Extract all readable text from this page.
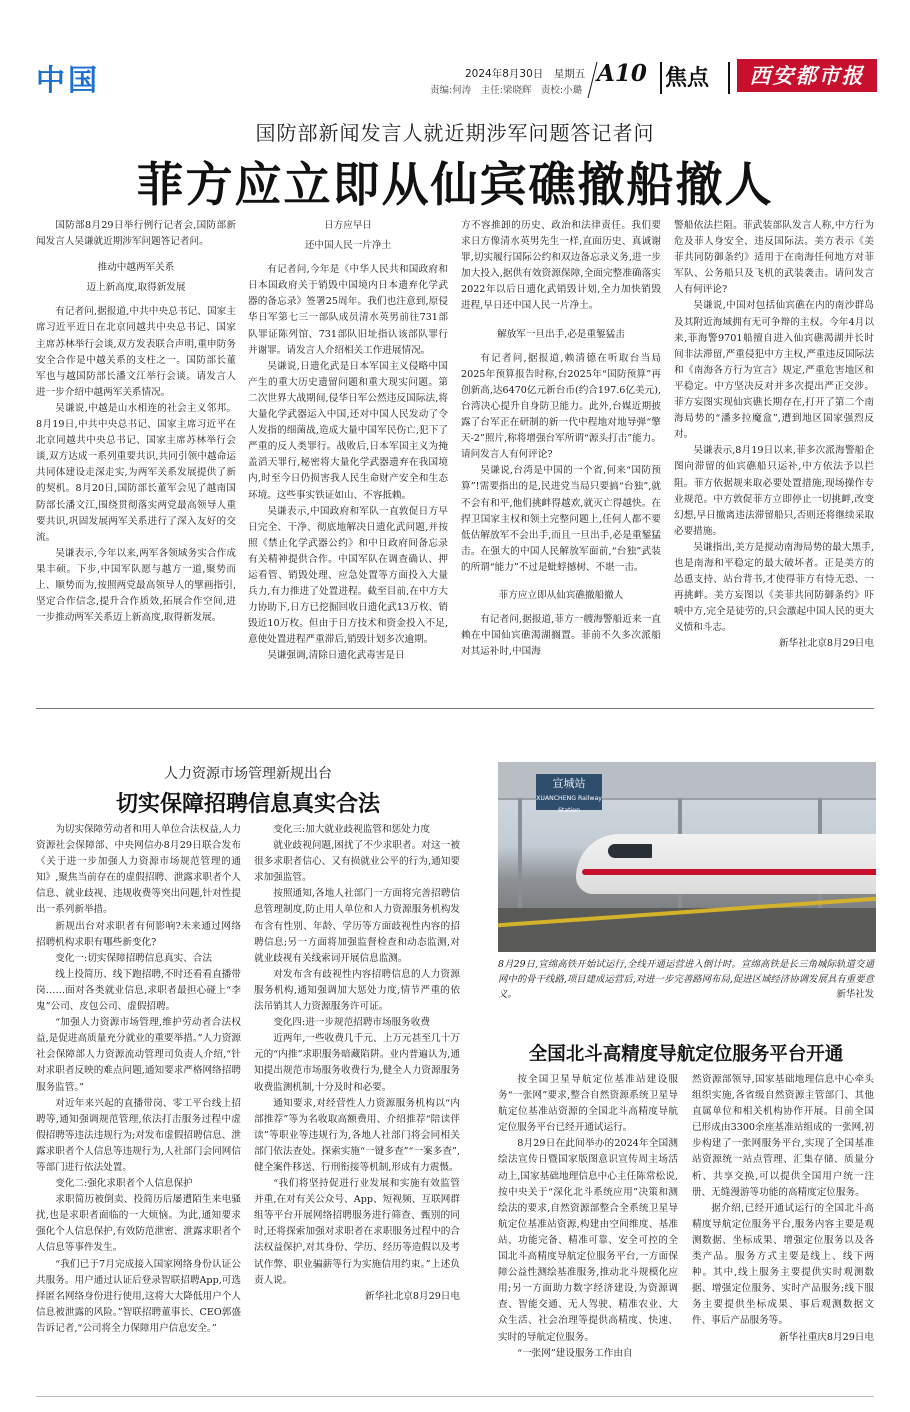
中国	2024年8月30日　星期五
责编:何涛　主任:梁晓辉　责校:小璐
A10 焦点	西安都市报
国防部新闻发言人就近期涉军问题答记者问
菲方应立即从仙宾礁撤船撤人

国防部8月29日举行例行记者会,国防部新闻发言人吴谦就近期涉军问题答记者问。

推动中越两军关系
迈上新高度,取得新发展

有记者问,据报道,中共中央总书记、国家主席习近平近日在北京同越共中央总书记、国家主席苏林举行会谈,双方发表联合声明,重申防务安全合作是中越关系的支柱之一。国防部长董军也与越国防部长潘文江举行会谈。请发言人进一步介绍中越两军关系情况。

吴谦说,中越是山水相连的社会主义邻邦。8月19日,中共中央总书记、国家主席习近平在北京同越共中央总书记、国家主席苏林举行会谈,双方达成一系列重要共识,共同引领中越命运共同体建设走深走实,为两军关系发展提供了新的契机。8月20日,国防部长董军会见了越南国防部长潘文江,围绕贯彻落实两党最高领导人重要共识,巩固发展两军关系进行了深入友好的交流。

吴谦表示,今年以来,两军各领域务实合作成果丰硕。下步,中国军队愿与越方一道,聚势而上、顺势而为,按照两党最高领导人的擘画指引,坚定合作信念,提升合作质效,拓展合作空间,进一步推动两军关系迈上新高度,取得新发展。

日方应早日
还中国人民一片净土

有记者问,今年是《中华人民共和国政府和日本国政府关于销毁中国境内日本遗弃化学武器的备忘录》签署25周年。我们也注意到,原侵华日军第七三一部队成员清水英男前往731部队罪证陈列馆、731部队旧址指认该部队罪行并谢罪。请发言人介绍相关工作进展情况。

吴谦说,日遗化武是日本军国主义侵略中国产生的重大历史遗留问题和重大现实问题。第二次世界大战期间,侵华日军公然违反国际法,将大量化学武器运入中国,还对中国人民发动了令人发指的细菌战,造成大量中国军民伤亡,犯下了严重的反人类罪行。战败后,日本军国主义为掩盖滔天罪行,秘密将大量化学武器遗弃在我国境内,时至今日仍损害我人民生命财产安全和生态环境。这些事实铁证如山、不容抵赖。

吴谦表示,中国政府和军队一直敦促日方早日完全、干净、彻底地解决日遗化武问题,并按照《禁止化学武器公约》和中日政府间备忘录有关精神提供合作。中国军队在调查确认、押运看管、销毁处理、应急处置等方面投入大量兵力,有力推进了处置进程。截至目前,在中方大力协助下,日方已挖掘回收日遗化武13万枚、销毁近10万枚。但由于日方技术和资金投入不足,意使处置进程严重滞后,销毁计划多次逾期。

吴谦强调,清除日遗化武毒害是日

方不容推卸的历史、政治和法律责任。我们要求日方像清水英男先生一样,直面历史、真诚谢罪,切实履行国际公约和双边备忘录义务,进一步加大投入,据供有效资源保障,全面完整准确落实2022年以后日遗化武销毁计划,全力加快销毁进程,早日还中国人民一片净土。

解放军一旦出手,必是重錾猛击

有记者问,据报道,赖清德在听取台当局2025年预算报告时称,台2025年“国防预算”再创新高,达6470亿元新台币(约合197.6亿美元),台湾决心提升自身防卫能力。此外,台媒近期披露了台军正在研制的新一代中程地对地导弹“擎天-2”照片,称将增强台军所谓“源头打击”能力。请问发言人有何评论?

吴谦说,台湾是中国的一个省,何来“国防预算”!需要指出的是,民进党当局只要搞“台独”,就不会有和平,他们挑衅得越欢,就灭亡得越快。在捍卫国家主权和领土完整问题上,任何人都不要低估解放军不会出手,而且一旦出手,必是重錾猛击。在强大的中国人民解放军面前,“台独”武装的所谓“能力”不过是蚍蜉撼树、不堪一击。

菲方应立即从仙宾礁撤船撤人

有记者问,据报道,菲方一艘海警船近来一直赖在中国仙宾礁渴湖搁置。菲前不久多次派船对其运补时,中国海

警船依法拦阻。菲武装部队发言人称,中方行为危及菲人身安全、违反国际法。美方表示《美菲共同防御条约》适用于在南海任何地方对菲军队、公务船只及飞机的武装袭击。请问发言人有何评论?

吴谦说,中国对包括仙宾礁在内的南沙群岛及其附近海域拥有无可争辩的主权。今年4月以来,菲海警9701船擅自进入仙宾礁渴湖并长时间非法滞留,严重侵犯中方主权,严重违反国际法和《南海各方行为宣言》规定,严重危害地区和平稳定。中方坚决反对并多次提出严正交涉。菲方妄图实现仙宾礁长期存在,打开了第二个南海局势的“潘多拉魔盒”,遭到地区国家强烈反对。

吴谦表示,8月19日以来,菲多次派海警船企图向滞留的仙宾礁船只运补,中方依法予以拦阻。菲方依据规来取必要处置措施,现场操作专业规范。中方敦促菲方立即停止一切挑衅,改变幻想,早日撤离违法滞留船只,否则还将继续采取必要措施。

吴谦指出,美方是搅动南海局势的最大黑手,也是南海和平稳定的最大破坏者。正是美方的怂恿支持、站台背书,才使得菲方有恃无恐、一再挑衅。美方妄图以《美菲共同防御条约》吓唬中方,完全是徒劳的,只会激起中国人民的更大义愤和斗志。

新华社北京8月29日电
人力资源市场管理新规出台
切实保障招聘信息真实合法

为切实保障劳动者和用人单位合法权益,人力资源社会保障部、中央网信办8月29日联合发布《关于进一步加强人力资源市场规范管理的通知》,聚焦当前存在的虚假招聘、泄露求职者个人信息、就业歧视、违规收费等突出问题,针对性提出一系列新举措。

新规出台对求职者有何影响?未来通过网络招聘机构求职有哪些新变化?

变化一:切实保障招聘信息真实、合法

线上投简历、线下跑招聘,不时还看看直播带岗……面对各类就业信息,求职者最担心碰上“李鬼”公司、皮包公司、虚假招聘。

“加强人力资源市场管理,维护劳动者合法权益,是促进高质量充分就业的重要举措。”人力资源社会保障部人力资源流动管理司负责人介绍,“针对求职者反映的难点问题,通知要求严格网络招聘服务监管。”

对近年来兴起的直播带岗、零工平台线上招聘等,通知强调规范管理,依法打击服务过程中虚假招聘等违法违规行为;对发布虚假招聘信息、泄露求职者个人信息等违规行为,人社部门会同网信等部门进行依法处置。

变化二:强化求职者个人信息保护

求职简历被倒卖、投简历后屡遭陌生来电骚扰,也是求职者面临的一大烦恼。为此,通知要求强化个人信息保护,有效防范泄密、泄露求职者个人信息等事件发生。

“我们已于7月完成接入国家网络身份认证公共服务。用户通过认证后登录智联招聘App,可选择匿名网络身份进行使用,这将大大降低用户个人信息被泄露的风险。”智联招聘董事长、CEO郭盛告诉记者,“公司将全力保障用户信息安全。”

变化三:加大就业歧视监管和惩处力度

就业歧视问题,困扰了不少求职者。对这一被很多求职者信心、又有损就业公平的行为,通知要求加强监管。

按照通知,各地人社部门一方面将完善招聘信息管理制度,防止用人单位和人力资源服务机构发布含有性别、年龄、学历等方面歧视性内容的招聘信息;另一方面将加强监督检查和动态监测,对就业歧视有关线索词开展信息监测。

对发布含有歧视性内容招聘信息的人力资源服务机构,通知强调加大惩处力度,情节严重的依法吊销其人力资源服务许可证。

变化四:进一步规范招聘市场服务收费

近两年,一些收费几千元、上万元甚至几十万元的“内推”求职服务暗藏陷阱。业内普遍认为,通知提出规范市场服务收费行为,健全人力资源服务收费监测机制,十分及时和必要。

通知要求,对经营性人力资源服务机构以“内部推荐”等为名收取高额费用、介绍推荐“陪读伴读”等职业等违规行为,各地人社部门将会同相关部门依法查处。探索实施“一键多查”“一案多查”,健全案件移送、行刑衔接等机制,形成有力震慑。

“我们将坚持促进行业发展和实施有效监管并重,在对有关公众号、App、短视频、互联网群组等平台开展网络招聘服务进行筛查、甄别的同时,还将探索加强对求职者在求职服务过程中的合法权益保护,对其身份、学历、经历等造假以及考试作弊、职业骗薪等行为实施信用约束。”上述负责人说。

新华社北京8月29日电
宣城站
XUANCHENG Railway Station
8月29日,宣绵高铁开始试运行,全线开通运营进入倒计时。宣绵高铁是长三角城际轨道交通网中的骨干线路,项目建成运营后,对进一步完善路网布局,促进区域经济协调发展具有重要意义。	新华社发
全国北斗高精度导航定位服务平台开通

按全国卫星导航定位基准站建设服务“一张网”要求,整合自然资源系统卫星导航定位基准站资源的全国北斗高精度导航定位服务平台已经开通试运行。

8月29日在此间举办的2024年全国测绘法宣传日暨国家版图意识宣传周主场活动上,国家基础地理信息中心主任陈常松说,按中央关于“深化北斗系统应用”决策和测绘法的要求,自然资源部整合全系统卫星导航定位基准站资源,构建由空间维度、基准站、功能完备、精准可靠、安全可控的全国北斗高精度导航定位服务平台,一方面保障公益性测绘基准服务,推动北斗规模化应用;另一方面助力数字经济建设,为资源调查、智能交通、无人驾驶、精准农业、大众生活、社会治理等提供高精度、快速、实时的导航定位服务。

“一张网”建设服务工作由自

然资源部领导,国家基础地理信息中心牵头组织实施,各省级自然资源主管部门、其他直属单位和相关机构协作开展。目前全国已形成由3300余座基准站组成的一张网,初步构建了一张网服务平台,实现了全国基准站资源统一站点管理、汇集存储、质量分析、共享交换,可以提供全国用户统一注册、无缝漫游等功能的高精度定位服务。

据介绍,已经开通试运行的全国北斗高精度导航定位服务平台,服务内容主要是观测数据、坐标成果、增强定位服务以及各类产品。服务方式主要是线上、线下两种。其中,线上服务主要提供实时观测数据、增强定位服务、实时产品服务;线下服务主要提供坐标成果、事后观测数据文件、事后产品服务等。

新华社重庆8月29日电
